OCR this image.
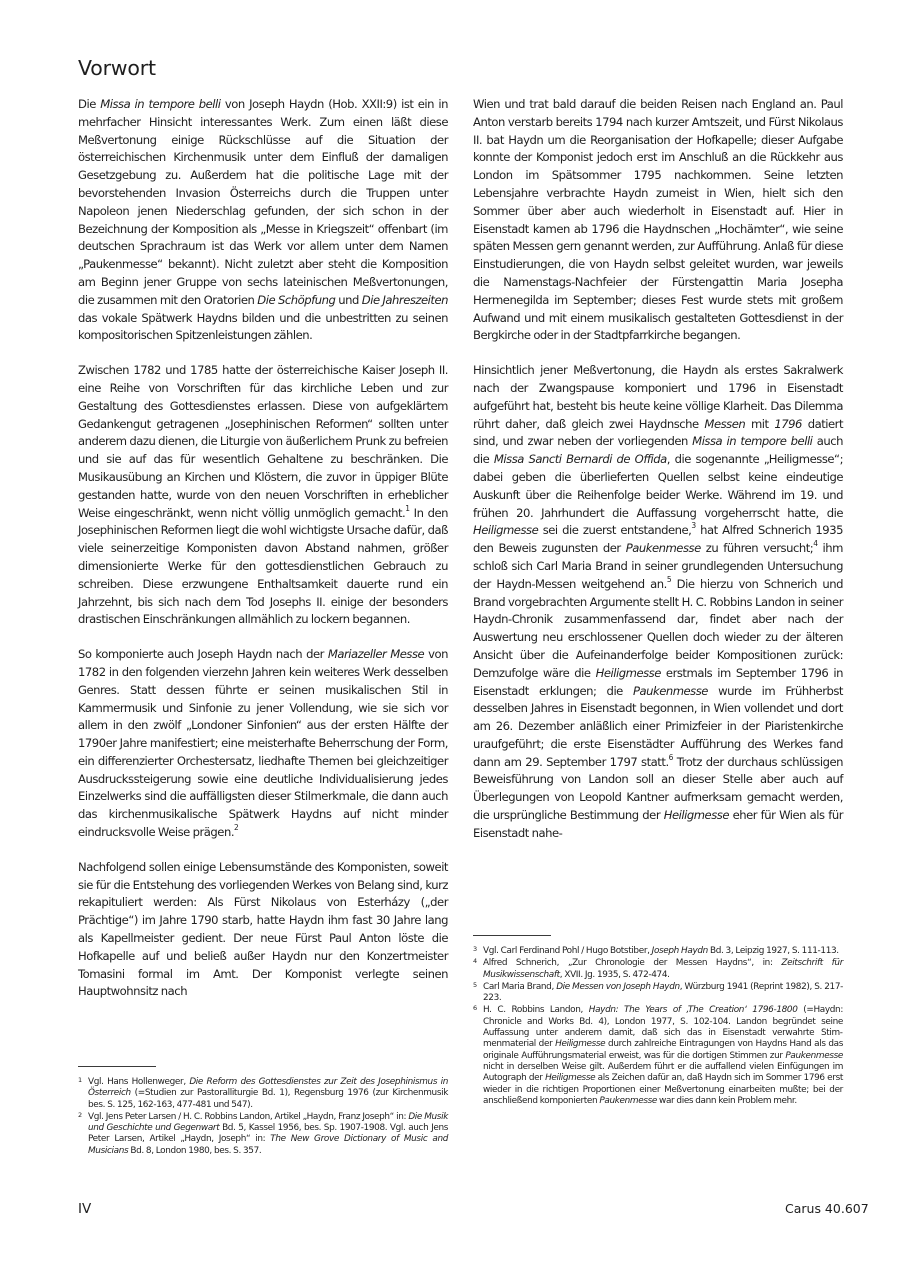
Vorwort

Die Missa in tempore belli von Joseph Haydn (Hob. XXII:9) ist ein in mehrfacher Hinsicht interessantes Werk. Zum einen läßt diese Meßvertonung einige Rückschlüsse auf die Situation der österreichischen Kirchenmusik unter dem Einfluß der damaligen Gesetzgebung zu. Außerdem hat die politische Lage mit der bevorstehenden Invasion Österreichs durch die Truppen unter Napoleon jenen Niederschlag gefunden, der sich schon in der Bezeichnung der Komposition als „Messe in Kriegszeit“ offenbart (im deutschen Sprachraum ist das Werk vor allem unter dem Namen „Paukenmesse“ bekannt). Nicht zuletzt aber steht die Komposition am Beginn jener Gruppe von sechs lateinischen Meßvertonungen, die zusammen mit den Oratorien Die Schöpfung und Die Jahreszeiten das vokale Spätwerk Haydns bilden und die unbestritten zu seinen kompositorischen Spitzenleistungen zählen.

Zwischen 1782 und 1785 hatte der österreichische Kaiser Joseph II. eine Reihe von Vorschriften für das kirchliche Leben und zur Gestaltung des Gottesdienstes erlassen. Diese von aufgeklärtem Gedankengut getragenen „Josephinischen Reformen“ sollten unter anderem dazu dienen, die Liturgie von äußerlichem Prunk zu befreien und sie auf das für wesentlich Gehaltene zu beschränken. Die Musikausübung an Kirchen und Klöstern, die zuvor in üppiger Blüte gestanden hatte, wurde von den neuen Vorschriften in erheblicher Weise eingeschränkt, wenn nicht völlig unmöglich gemacht.$^1$ In den Josephinischen Reformen liegt die wohl wichtigste Ursache dafür, daß viele seinerzeitige Komponisten davon Abstand nahmen, größer dimensionierte Werke für den gottesdienstlichen Gebrauch zu schreiben. Diese erzwungene Enthaltsamkeit dauerte rund ein Jahrzehnt, bis sich nach dem Tod Josephs II. einige der besonders drastischen Einschränkungen allmählich zu lockern begannen.

So komponierte auch Joseph Haydn nach der Mariazeller Messe von 1782 in den folgenden vierzehn Jahren kein weiteres Werk desselben Genres. Statt dessen führte er seinen musikalischen Stil in Kammermusik und Sinfonie zu jener Vollendung, wie sie sich vor allem in den zwölf „Londoner Sinfonien“ aus der ersten Hälfte der 1790er Jahre manifestiert; eine meisterhafte Beherrschung der Form, ein differenzierter Orchestersatz, liedhafte Themen bei gleichzeitiger Ausdruckssteigerung sowie eine deutliche Individualisierung jedes Einzelwerks sind die auffälligsten dieser Stilmerkmale, die dann auch das kirchenmusikalische Spätwerk Haydns auf nicht minder eindrucksvolle Weise prägen.$^2$

Nachfolgend sollen einige Lebensumstände des Komponisten, soweit sie für die Entstehung des vorliegenden Werkes von Belang sind, kurz rekapituliert werden: Als Fürst Nikolaus von Esterházy („der Prächtige“) im Jahre 1790 starb, hatte Haydn ihm fast 30 Jahre lang als Kapellmeister gedient. Der neue Fürst Paul Anton löste die Hofkapelle auf und beließ außer Haydn nur den Konzertmeister Tomasini formal im Amt. Der Komponist verlegte seinen Hauptwohnsitz nach

Wien und trat bald darauf die beiden Reisen nach England an. Paul Anton verstarb bereits 1794 nach kurzer Amtszeit, und Fürst Nikolaus II. bat Haydn um die Reorganisation der Hofkapelle; dieser Aufgabe konnte der Komponist jedoch erst im Anschluß an die Rückkehr aus London im Spätsommer 1795 nachkommen. Seine letzten Lebensjahre verbrachte Haydn zumeist in Wien, hielt sich den Sommer über aber auch wiederholt in Eisenstadt auf. Hier in Eisenstadt kamen ab 1796 die Haydnschen „Hochämter“, wie seine späten Messen gern genannt werden, zur Aufführung. Anlaß für diese Einstudierungen, die von Haydn selbst geleitet wurden, war jeweils die Namenstags-Nachfeier der Fürstengattin Maria Josepha Hermenegilda im September; dieses Fest wurde stets mit großem Aufwand und mit einem musikalisch gestalteten Gottesdienst in der Bergkirche oder in der Stadtpfarrkirche begangen.

Hinsichtlich jener Meßvertonung, die Haydn als erstes Sakralwerk nach der Zwangspause komponiert und 1796 in Eisenstadt aufgeführt hat, besteht bis heute keine völlige Klarheit. Das Dilemma rührt daher, daß gleich zwei Haydnsche Messen mit 1796 datiert sind, und zwar neben der vorliegenden Missa in tempore belli auch die Missa Sancti Bernardi de Offida, die sogenannte „Heiligmesse“; dabei geben die überlieferten Quellen selbst keine eindeutige Auskunft über die Reihenfolge beider Werke. Während im 19. und frühen 20. Jahrhundert die Auffassung vorgeherrscht hatte, die Heiligmesse sei die zuerst entstandene,$^3$ hat Alfred Schnerich 1935 den Beweis zugunsten der Paukenmesse zu führen versucht;$^4$ ihm schloß sich Carl Maria Brand in seiner grundlegenden Untersuchung der Haydn-Messen weitgehend an.$^5$ Die hierzu von Schnerich und Brand vorgebrachten Argumente stellt H. C. Robbins Landon in seiner Haydn-Chronik zusammenfassend dar, findet aber nach der Auswertung neu erschlossener Quellen doch wieder zu der älteren Ansicht über die Aufeinanderfolge beider Kompositionen zurück: Demzufolge wäre die Heiligmesse erstmals im September 1796 in Eisenstadt erklungen; die Paukenmesse wurde im Frühherbst desselben Jahres in Eisenstadt begonnen, in Wien vollendet und dort am 26. Dezember anläßlich einer Primizfeier in der Piaristenkirche uraufgeführt; die erste Eisenstädter Aufführung des Werkes fand dann am 29. September 1797 statt.$^6$ Trotz der durchaus schlüssigen Beweisführung von Landon soll an dieser Stelle aber auch auf Überlegungen von Leopold Kantner aufmerksam gemacht werden, die ursprüngliche Bestimmung der Heiligmesse eher für Wien als für Eisenstadt nahe-

1 Vgl. Hans Hollenweger, Die Reform des Gottesdienstes zur Zeit des Josephinismus in Österreich (=Studien zur Pastoralliturgie Bd. 1), Regensburg 1976 (zur Kirchenmusik bes. S. 125, 162-163, 477-481 und 547).
2 Vgl. Jens Peter Larsen / H. C. Robbins Landon, Artikel „Haydn, Franz Joseph“ in: Die Musik und Geschichte und Gegenwart Bd. 5, Kassel 1956, bes. Sp. 1907-1908. Vgl. auch Jens Peter Larsen, Artikel „Haydn, Joseph“ in: The New Grove Dictionary of Music and Musicians Bd. 8, London 1980, bes. S. 357.
3 Vgl. Carl Ferdinand Pohl / Hugo Botstiber, Joseph Haydn Bd. 3, Leipzig 1927, S. 111-113.
4 Alfred Schnerich, „Zur Chronologie der Messen Haydns“, in: Zeitschrift für Musikwissenschaft, XVII. Jg. 1935, S. 472-474.
5 Carl Maria Brand, Die Messen von Joseph Haydn, Würzburg 1941 (Reprint 1982), S. 217-223.
6 H. C. Robbins Landon, Haydn: The Years of ‚The Creation‘ 1796-1800 (=Haydn: Chronicle and Works Bd. 4), London 1977, S. 102-104. Landon begründet seine Auffassung unter anderem damit, daß sich das in Eisenstadt verwahrte Stimmenmaterial der Heiligmesse durch zahlreiche Eintragungen von Haydns Hand als das originale Aufführungsmaterial erweist, was für die dortigen Stimmen zur Paukenmesse nicht in derselben Weise gilt. Außerdem führt er die auffallend vielen Einfügungen im Autograph der Heiligmesse als Zeichen dafür an, daß Haydn sich im Sommer 1796 erst wieder in die richtigen Proportionen einer Meßvertonung einarbeiten mußte; bei der anschließend komponierten Paukenmesse war dies dann kein Problem mehr.
IV	Carus 40.607
